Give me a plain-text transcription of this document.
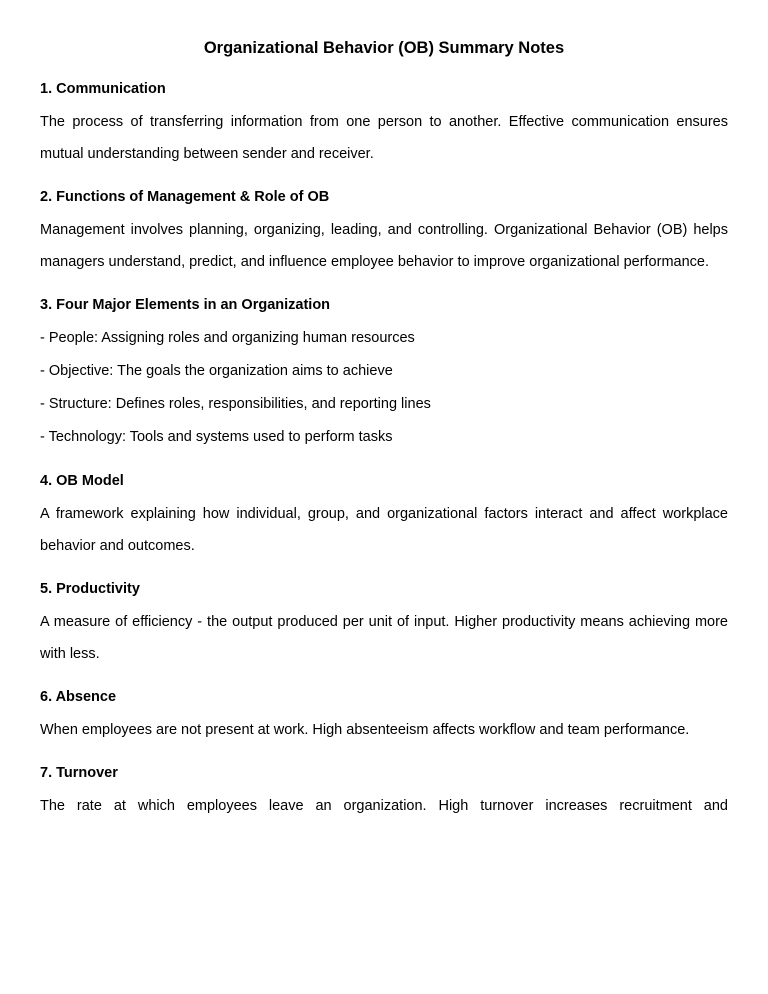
Organizational Behavior (OB) Summary Notes

1. Communication

The process of transferring information from one person to another. Effective communication ensures mutual understanding between sender and receiver.

2. Functions of Management & Role of OB

Management involves planning, organizing, leading, and controlling. Organizational Behavior (OB) helps managers understand, predict, and influence employee behavior to improve organizational performance.

3. Four Major Elements in an Organization

- People: Assigning roles and organizing human resources

- Objective: The goals the organization aims to achieve

- Structure: Defines roles, responsibilities, and reporting lines

- Technology: Tools and systems used to perform tasks

4. OB Model

A framework explaining how individual, group, and organizational factors interact and affect workplace behavior and outcomes.

5. Productivity

A measure of efficiency - the output produced per unit of input. Higher productivity means achieving more with less.

6. Absence

When employees are not present at work. High absenteeism affects workflow and team performance.

7. Turnover

The rate at which employees leave an organization. High turnover increases recruitment and
